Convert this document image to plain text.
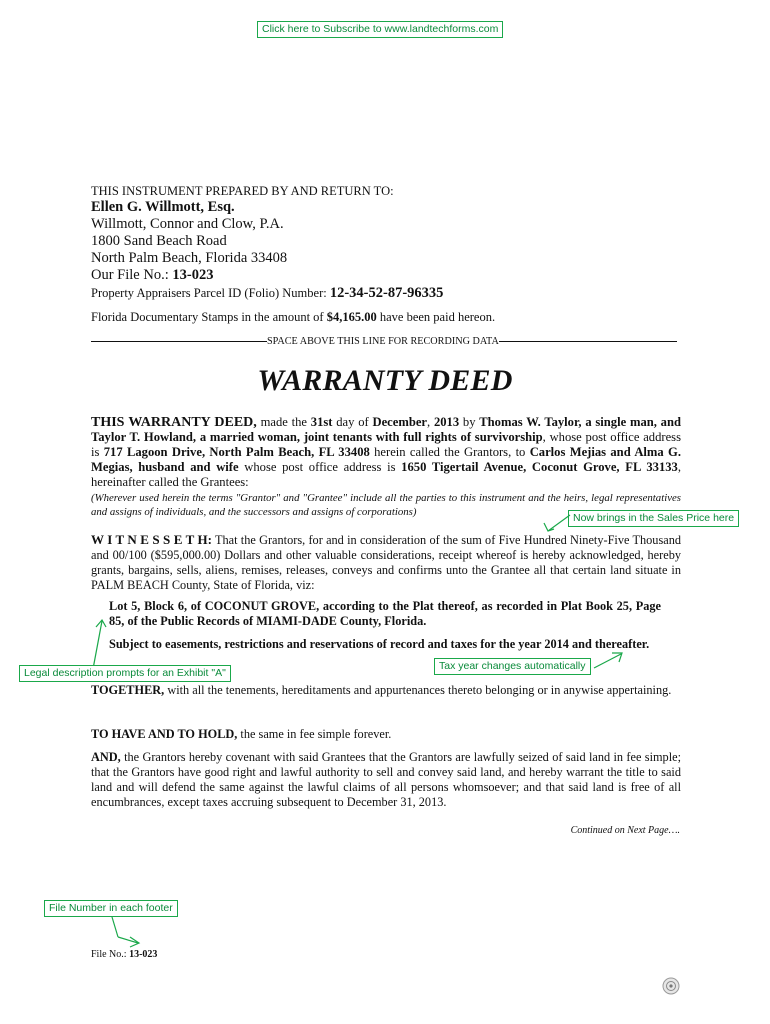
Click here to Subscribe to www.landtechforms.com
THIS INSTRUMENT PREPARED BY AND RETURN TO:
Ellen G. Willmott, Esq.
Willmott, Connor and Clow, P.A.
1800 Sand Beach Road
North Palm Beach, Florida 33408
Our File No.: 13-023
Property Appraisers Parcel ID (Folio) Number: 12-34-52-87-96335
Florida Documentary Stamps in the amount of $4,165.00 have been paid hereon.
SPACE ABOVE THIS LINE FOR RECORDING DATA
WARRANTY DEED
THIS WARRANTY DEED, made the 31st day of December, 2013 by Thomas W. Taylor, a single man, and Taylor T. Howland, a married woman, joint tenants with full rights of survivorship, whose post office address is 717 Lagoon Drive, North Palm Beach, FL 33408 herein called the Grantors, to Carlos Mejias and Alma G. Megias, husband and wife whose post office address is 1650 Tigertail Avenue, Coconut Grove, FL 33133, hereinafter called the Grantees:
(Wherever used herein the terms "Grantor" and "Grantee" include all the parties to this instrument and the heirs, legal representatives and assigns of individuals, and the successors and assigns of corporations)	Now brings in the Sales Price here
W I T N E S S E T H: That the Grantors, for and in consideration of the sum of Five Hundred Ninety-Five Thousand and 00/100 ($595,000.00) Dollars and other valuable considerations, receipt whereof is hereby acknowledged, hereby grants, bargains, sells, aliens, remises, releases, conveys and confirms unto the Grantee all that certain land situate in PALM BEACH County, State of Florida, viz:
Lot 5, Block 6, of COCONUT GROVE, according to the Plat thereof, as recorded in Plat Book 25, Page 85, of the Public Records of MIAMI-DADE County, Florida.
Subject to easements, restrictions and reservations of record and taxes for the year 2014 and thereafter.
Legal description prompts for an Exhibit "A"
Tax year changes automatically
TOGETHER, with all the tenements, hereditaments and appurtenances thereto belonging or in anywise appertaining.
TO HAVE AND TO HOLD, the same in fee simple forever.
AND, the Grantors hereby covenant with said Grantees that the Grantors are lawfully seized of said land in fee simple; that the Grantors have good right and lawful authority to sell and convey said land, and hereby warrant the title to said land and will defend the same against the lawful claims of all persons whomsoever; and that said land is free of all encumbrances, except taxes accruing subsequent to December 31, 2013.
Continued on Next Page….
File Number in each footer
File No.: 13-023
